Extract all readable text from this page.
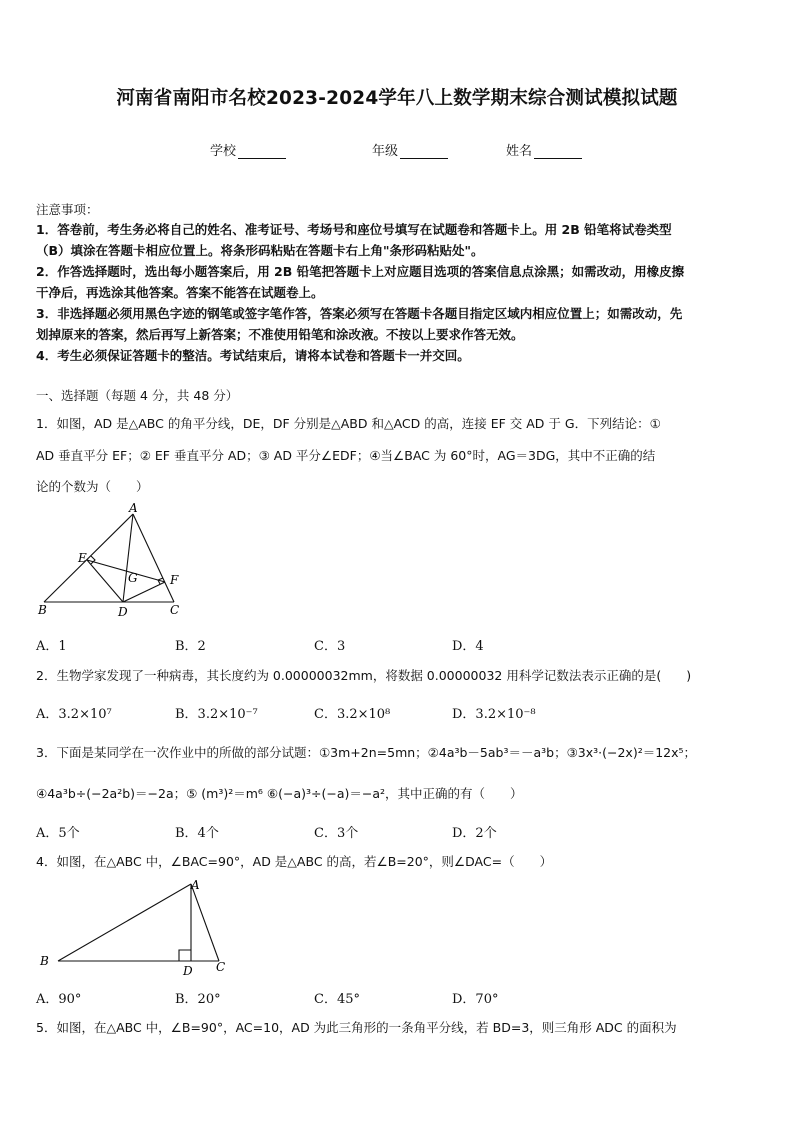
河南省南阳市名校2023-2024学年八上数学期末综合测试模拟试题
学校	年级	姓名
注意事项：
1．答卷前，考生务必将自己的姓名、准考证号、考场号和座位号填写在试题卷和答题卡上。用 2B 铅笔将试卷类型
（B）填涂在答题卡相应位置上。将条形码粘贴在答题卡右上角"条形码粘贴处"。
2．作答选择题时，选出每小题答案后，用 2B 铅笔把答题卡上对应题目选项的答案信息点涂黑；如需改动，用橡皮擦
干净后，再选涂其他答案。答案不能答在试题卷上。
3．非选择题必须用黑色字迹的钢笔或签字笔作答，答案必须写在答题卡各题目指定区域内相应位置上；如需改动，先
划掉原来的答案，然后再写上新答案；不准使用铅笔和涂改液。不按以上要求作答无效。
4．考生必须保证答题卡的整洁。考试结束后，请将本试卷和答题卡一并交回。
一、选择题（每题 4 分，共 48 分）
1．如图，AD 是△ABC 的角平分线，DE，DF 分别是△ABD 和△ACD 的高，连接 EF 交 AD 于 G．下列结论：①
AD 垂直平分 EF；② EF 垂直平分 AD；③ AD 平分∠EDF；④当∠BAC 为 60°时，AG＝3DG，其中不正确的结
论的个数为（　　）
A
B	C
D
E
F
G
A．1	B．2	C．3	D．4
2．生物学家发现了一种病毒，其长度约为 0.00000032mm，将数据 0.00000032 用科学记数法表示正确的是(　　)
A．3.2×10⁷	B．3.2×10⁻⁷	C．3.2×10⁸	D．3.2×10⁻⁸
3．下面是某同学在一次作业中的所做的部分试题：①3m+2n=5mn；②4a³b－5ab³＝－a³b；③3x³·(−2x)²＝12x⁵；
④4a³b÷(−2a²b)＝−2a；⑤ (m³)²＝m⁶ ⑥(−a)³÷(−a)＝−a²，其中正确的有（　　）
A．5个	B．4个	C．3个	D．2个
4．如图，在△ABC 中，∠BAC=90°，AD 是△ABC 的高，若∠B=20°，则∠DAC=（　　）
A
B	C
D
A．90°	B．20°	C．45°	D．70°
5．如图，在△ABC 中，∠B=90°，AC=10，AD 为此三角形的一条角平分线，若 BD=3，则三角形 ADC 的面积为
